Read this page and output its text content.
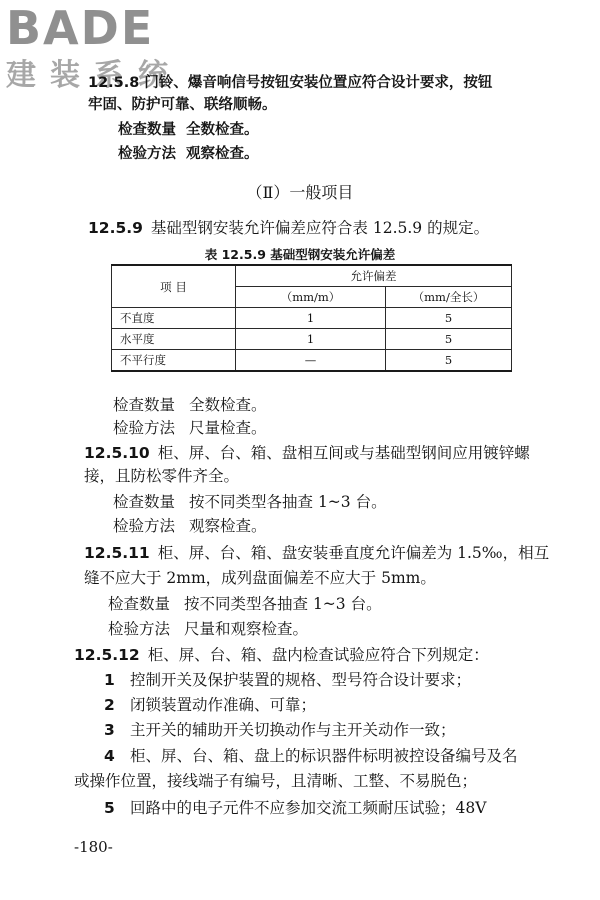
BADE
建装系统
12.5.8 门铃、爆音响信号按钮安装位置应符合设计要求，按钮
牢固、防护可靠、联络顺畅。
检查数量 全数检查。
检验方法 观察检查。
（Ⅱ）一般项目
12.5.9 基础型钢安装允许偏差应符合表 12.5.9 的规定。
表 12.5.9 基础型钢安装允许偏差
项 目	允许偏差	
	（mm/m）	（mm/全长）
不直度	1	5
水平度	1	5
不平行度	—	5
检查数量 全数检查。
检验方法 尺量检查。
12.5.10 柜、屏、台、箱、盘相互间或与基础型钢间应用镀锌螺
接，且防松零件齐全。
检查数量 按不同类型各抽查 1~3 台。
检验方法 观察检查。
12.5.11 柜、屏、台、箱、盘安装垂直度允许偏差为 1.5‰，相互
缝不应大于 2mm，成列盘面偏差不应大于 5mm。
检查数量 按不同类型各抽查 1~3 台。
检验方法 尺量和观察检查。
12.5.12 柜、屏、台、箱、盘内检查试验应符合下列规定：
1 控制开关及保护装置的规格、型号符合设计要求；
2 闭锁装置动作准确、可靠；
3 主开关的辅助开关切换动作与主开关动作一致；
4 柜、屏、台、箱、盘上的标识器件标明被控设备编号及名
或操作位置，接线端子有编号，且清晰、工整、不易脱色；
5 回路中的电子元件不应参加交流工频耐压试验；48V
-180-
